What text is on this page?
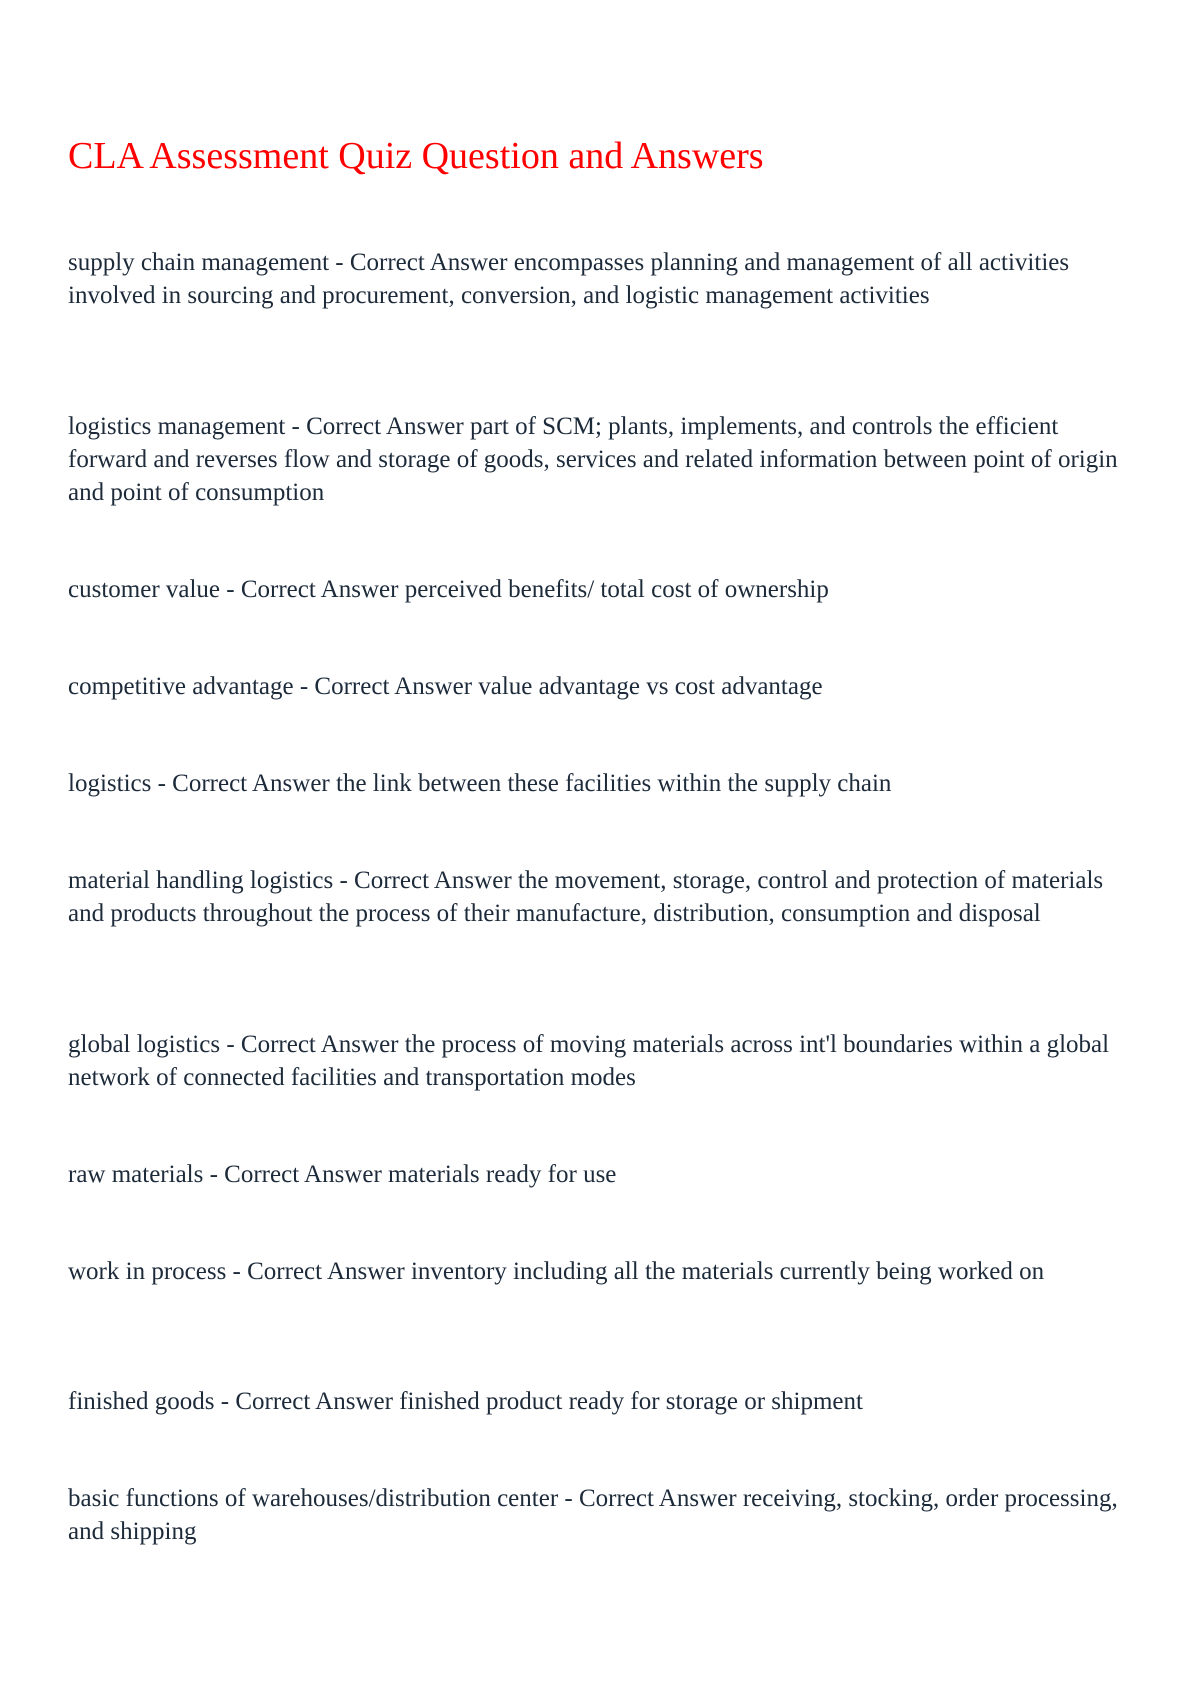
CLA Assessment Quiz Question and Answers

supply chain management - Correct Answer encompasses planning and management of all activities involved in sourcing and procurement, conversion, and logistic management activities

logistics management - Correct Answer part of SCM; plants, implements, and controls the efficient forward and reverses flow and storage of goods, services and related information between point of origin and point of consumption

customer value - Correct Answer perceived benefits/ total cost of ownership

competitive advantage - Correct Answer value advantage vs cost advantage

logistics - Correct Answer the link between these facilities within the supply chain

material handling logistics - Correct Answer the movement, storage, control and protection of materials and products throughout the process of their manufacture, distribution, consumption and disposal

global logistics - Correct Answer the process of moving materials across int'l boundaries within a global network of connected facilities and transportation modes

raw materials - Correct Answer materials ready for use

work in process - Correct Answer inventory including all the materials currently being worked on

finished goods - Correct Answer finished product ready for storage or shipment

basic functions of warehouses/distribution center - Correct Answer receiving, stocking, order processing, and shipping
